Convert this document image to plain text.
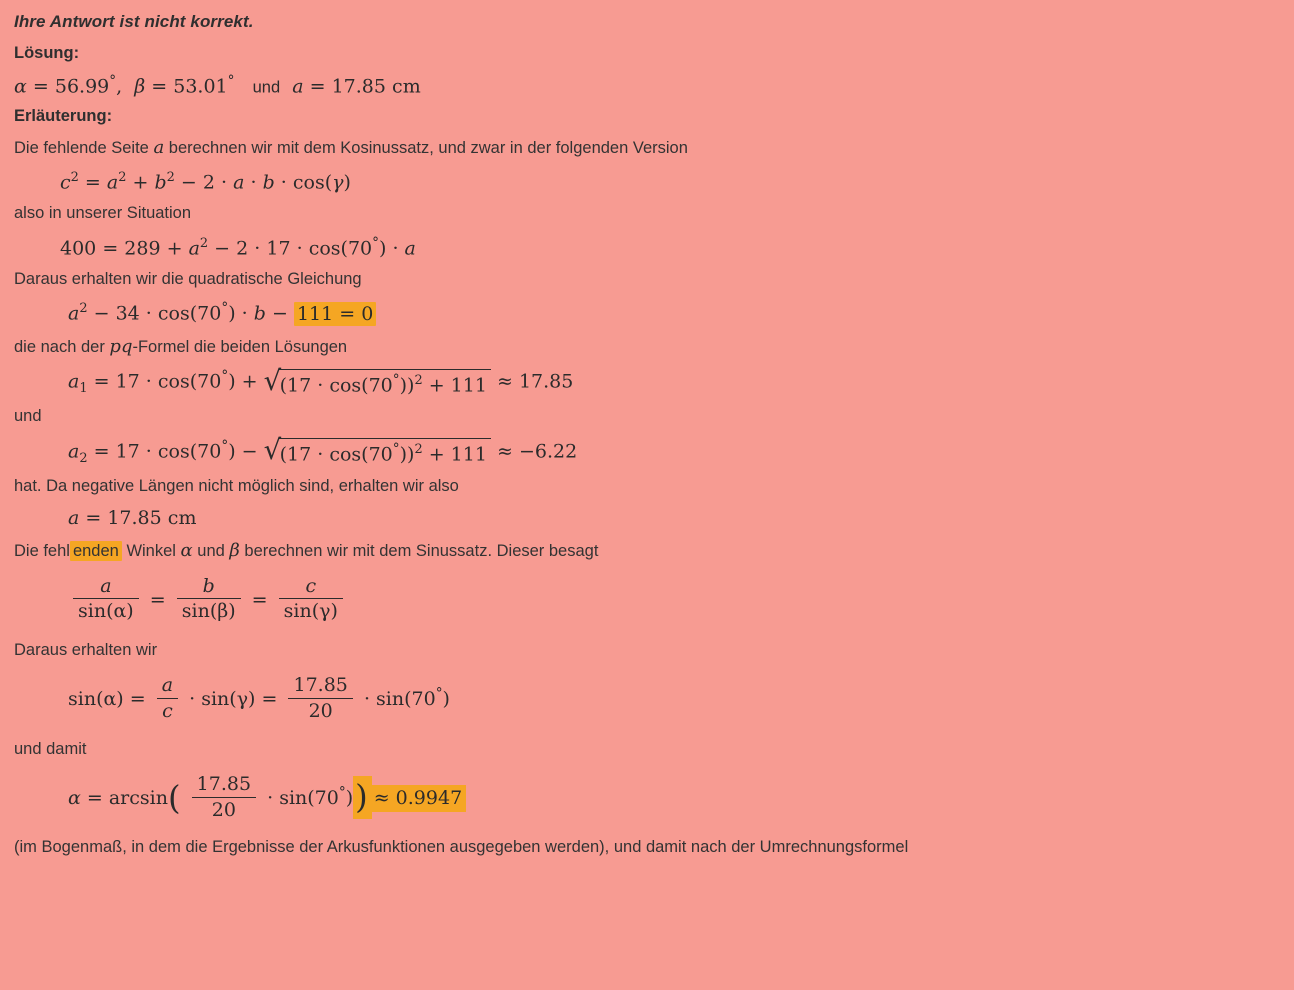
Ihre Antwort ist nicht korrekt.
Lösung:
α = 56.99°, β = 53.01° und a = 17.85 cm
Erläuterung:
Die fehlende Seite a berechnen wir mit dem Kosinussatz, und zwar in der folgenden Version
$c^2 = a^2 + b^2 - 2 \cdot a \cdot b \cdot \cos(\gamma)$
also in unserer Situation
$400 = 289 + a^2 - 2 \cdot 17 \cdot \cos(70^\circ) \cdot a$
Daraus erhalten wir die quadratische Gleichung
$a^2 - 34 \cdot \cos(70^\circ) \cdot b - 111 = 0$
die nach der pq-Formel die beiden Lösungen
$a_1 = 17 \cdot \cos(70^\circ)$ + √
$(17 \cdot \cos(70^\circ))^2 + 111 \approx 17.85$
und
$a_2 = 17 \cdot \cos(70^\circ)$ − √
$(17 \cdot \cos(70^\circ))^2 + 111 \approx -6.22$
hat. Da negative Längen nicht möglich sind, erhalten wir also
a = 17.85 cm
Die fehl enden Winkel α und β berechnen wir mit dem Sinussatz. Dieser besagt
$\frac{a}{\sin(\alpha)} = \frac{b}{\sin(\beta)} = \frac{c}{\sin(\gamma)}$
Daraus erhalten wir
$\sin(\alpha) = \frac{a}{c} \cdot \sin(\gamma) = \frac{17.85}{20} \cdot \sin(70^\circ)$
und damit
$\alpha = \arcsin( \frac{17.85}{20} \cdot \sin(70^\circ)) \approx 0.9947$
(im Bogenmaß, in dem die Ergebnisse der Arkusfunktionen ausgegeben werden), und damit nach der Umrechnungsformel
